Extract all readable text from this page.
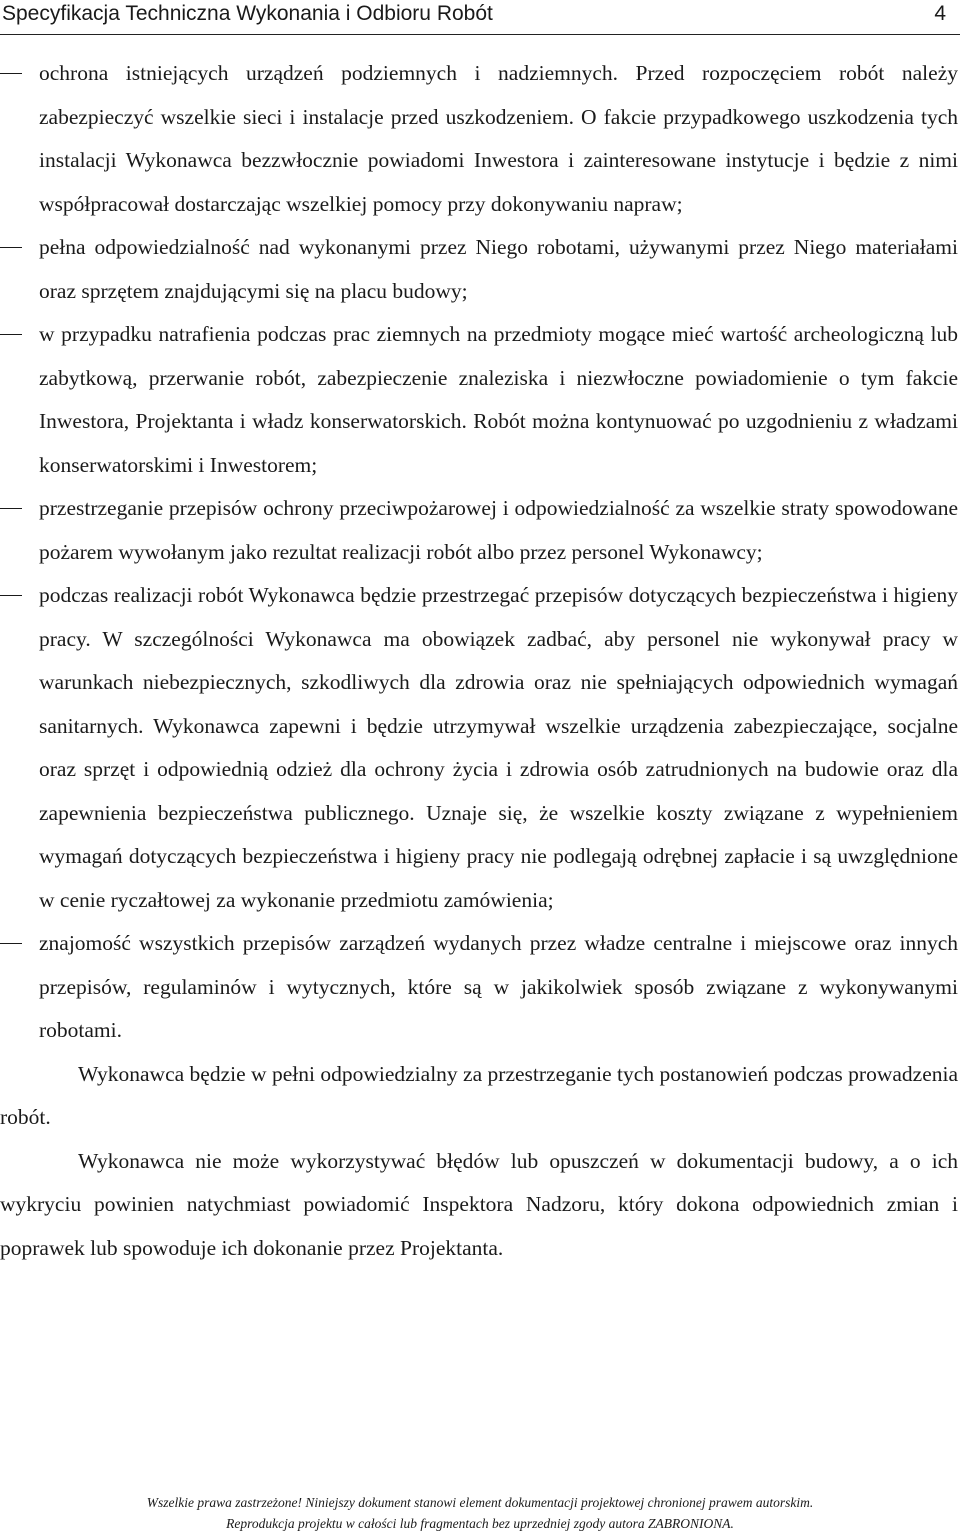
Specyfikacja Techniczna Wykonania i Odbioru Robót	4
ochrona istniejących urządzeń podziemnych i nadziemnych. Przed rozpoczęciem robót należy zabezpieczyć wszelkie sieci i instalacje przed uszkodzeniem. O fakcie przypadkowego uszkodzenia tych instalacji Wykonawca bezzwłocznie powiadomi Inwestora i zainteresowane instytucje i będzie z nimi współpracował dostarczając wszelkiej pomocy przy dokonywaniu napraw;
pełna odpowiedzialność nad wykonanymi przez Niego robotami, używanymi przez Niego materiałami oraz sprzętem znajdującymi się na placu budowy;
w przypadku natrafienia podczas prac ziemnych na przedmioty mogące mieć wartość archeologiczną lub zabytkową, przerwanie robót, zabezpieczenie znaleziska i niezwłoczne powiadomienie o tym fakcie Inwestora, Projektanta i władz konserwatorskich. Robót można kontynuować po uzgodnieniu z władzami konserwatorskimi i Inwestorem;
przestrzeganie przepisów ochrony przeciwpożarowej i odpowiedzialność za wszelkie straty spowodowane pożarem wywołanym jako rezultat realizacji robót albo przez personel Wykonawcy;
podczas realizacji robót Wykonawca będzie przestrzegać przepisów dotyczących bezpieczeństwa i higieny pracy. W szczególności Wykonawca ma obowiązek zadbać, aby personel nie wykonywał pracy w warunkach niebezpiecznych, szkodliwych dla zdrowia oraz nie spełniających odpowiednich wymagań sanitarnych. Wykonawca zapewni i będzie utrzymywał wszelkie urządzenia zabezpieczające, socjalne oraz sprzęt i odpowiednią odzież dla ochrony życia i zdrowia osób zatrudnionych na budowie oraz dla zapewnienia bezpieczeństwa publicznego. Uznaje się, że wszelkie koszty związane z wypełnieniem wymagań dotyczących bezpieczeństwa i higieny pracy nie podlegają odrębnej zapłacie i są uwzględnione w cenie ryczałtowej za wykonanie przedmiotu zamówienia;
znajomość wszystkich przepisów zarządzeń wydanych przez władze centralne i miejscowe oraz innych przepisów, regulaminów i wytycznych, które są w jakikolwiek sposób związane z wykonywanymi robotami.

Wykonawca będzie w pełni odpowiedzialny za przestrzeganie tych postanowień podczas prowadzenia robót.

Wykonawca nie może wykorzystywać błędów lub opuszczeń w dokumentacji budowy, a o ich wykryciu powinien natychmiast powiadomić Inspektora Nadzoru, który dokona odpowiednich zmian i poprawek lub spowoduje ich dokonanie przez Projektanta.

Wszelkie prawa zastrzeżone! Niniejszy dokument stanowi element dokumentacji projektowej chronionej prawem autorskim.
Reprodukcja projektu w całości lub fragmentach bez uprzedniej zgody autora ZABRONIONA.
